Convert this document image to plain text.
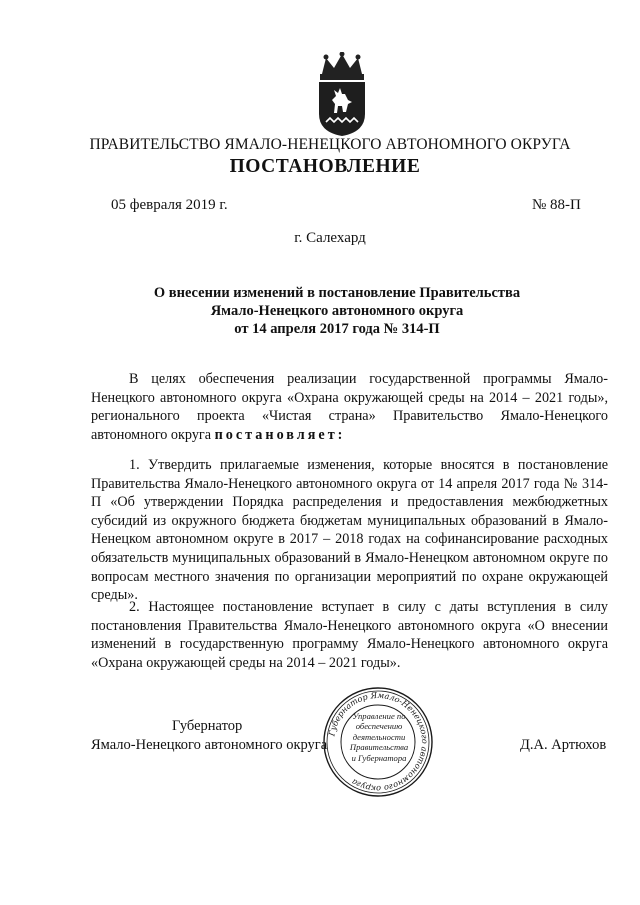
ПРАВИТЕЛЬСТВО ЯМАЛО-НЕНЕЦКОГО АВТОНОМНОГО ОКРУГА
ПОСТАНОВЛЕНИЕ
05 февраля 2019 г.	№ 88-П
г. Салехард
О внесении изменений в постановление Правительства
Ямало-Ненецкого автономного округа
от 14 апреля 2017 года № 314-П
В целях обеспечения реализации государственной программы Ямало-Ненецкого автономного округа «Охрана окружающей среды на 2014 – 2021 годы», регионального проекта «Чистая страна» Правительство Ямало-Ненецкого автономного округа постановляет:
1. Утвердить прилагаемые изменения, которые вносятся в постановление Правительства Ямало-Ненецкого автономного округа от 14 апреля 2017 года № 314-П «Об утверждении Порядка распределения и предоставления межбюджетных субсидий из окружного бюджета бюджетам муниципальных образований в Ямало-Ненецком автономном округе в 2017 – 2018 годах на софинансирование расходных обязательств муниципальных образований в Ямало-Ненецком автономном округе по вопросам местного значения по организации мероприятий по охране окружающей среды».
2. Настоящее постановление вступает в силу с даты вступления в силу постановления Правительства Ямало-Ненецкого автономного округа «О внесении изменений в государственную программу Ямало-Ненецкого автономного округа «Охрана окружающей среды на 2014 – 2021 годы».
Губернатор
Ямало-Ненецкого автономного округа	Д.А. Артюхов
Губернатор Ямало-Ненецкого автономного округа
Управление по
обеспечению
деятельности
Правительства
и Губернатора
